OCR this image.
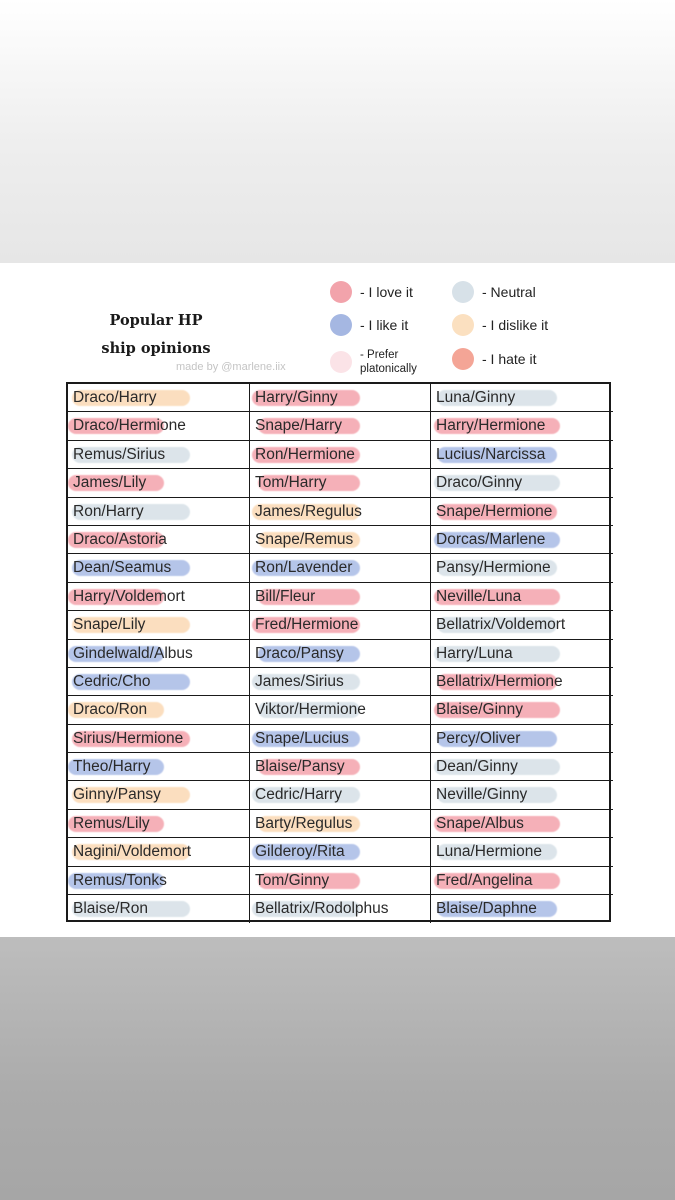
Popular HP ship opinions
made by @marlene.iix
- I love it	- Neutral
- I like it	- I dislike it
- Prefer platonically
- I hate it
Draco/Harry	Harry/Ginny	Luna/Ginny
Draco/Hermione	Snape/Harry	Harry/Hermione
Remus/Sirius	Ron/Hermione	Lucius/Narcissa
James/Lily	Tom/Harry	Draco/Ginny
Ron/Harry	James/Regulus	Snape/Hermione
Draco/Astoria	Snape/Remus	Dorcas/Marlene
Dean/Seamus	Ron/Lavender	Pansy/Hermione
Harry/Voldemort	Bill/Fleur	Neville/Luna
Snape/Lily	Fred/Hermione	Bellatrix/Voldemort
Gindelwald/Albus	Draco/Pansy	Harry/Luna
Cedric/Cho	James/Sirius	Bellatrix/Hermione
Draco/Ron	Viktor/Hermione	Blaise/Ginny
Sirius/Hermione	Snape/Lucius	Percy/Oliver
Theo/Harry	Blaise/Pansy	Dean/Ginny
Ginny/Pansy	Cedric/Harry	Neville/Ginny
Remus/Lily	Barty/Regulus	Snape/Albus
Nagini/Voldemort	Gilderoy/Rita	Luna/Hermione
Remus/Tonks	Tom/Ginny	Fred/Angelina
Blaise/Ron	Bellatrix/Rodolphus	Blaise/Daphne
